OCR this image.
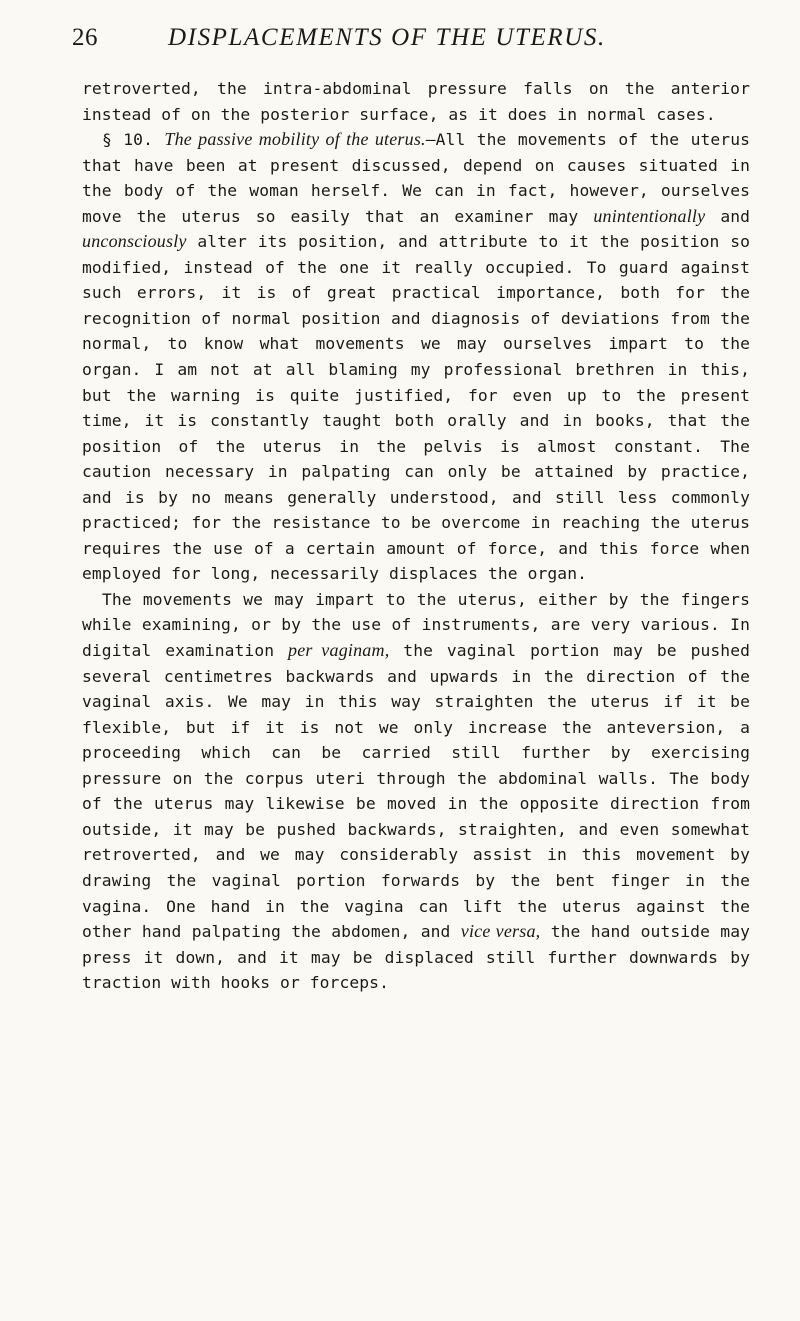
26	DISPLACEMENTS OF THE UTERUS.

retroverted, the intra-abdominal pressure falls on the anterior instead of on the posterior surface, as it does in normal cases.

§ 10. The passive mobility of the uterus.—All the movements of the uterus that have been at present discussed, depend on causes situated in the body of the woman herself. We can in fact, however, ourselves move the uterus so easily that an examiner may unintentionally and unconsciously alter its position, and attribute to it the position so modified, instead of the one it really occupied. To guard against such errors, it is of great practical importance, both for the recognition of normal position and diagnosis of deviations from the normal, to know what movements we may ourselves impart to the organ. I am not at all blaming my professional brethren in this, but the warning is quite justified, for even up to the present time, it is constantly taught both orally and in books, that the position of the uterus in the pelvis is almost constant. The caution necessary in palpating can only be attained by practice, and is by no means generally understood, and still less commonly practiced; for the resistance to be overcome in reaching the uterus requires the use of a certain amount of force, and this force when employed for long, necessarily displaces the organ.

The movements we may impart to the uterus, either by the fingers while examining, or by the use of instruments, are very various. In digital examination per vaginam, the vaginal portion may be pushed several centimetres backwards and upwards in the direction of the vaginal axis. We may in this way straighten the uterus if it be flexible, but if it is not we only increase the anteversion, a proceeding which can be carried still further by exercising pressure on the corpus uteri through the abdominal walls. The body of the uterus may likewise be moved in the opposite direction from outside, it may be pushed backwards, straighten, and even somewhat retroverted, and we may considerably assist in this movement by drawing the vaginal portion forwards by the bent finger in the vagina. One hand in the vagina can lift the uterus against the other hand palpating the abdomen, and vice versa, the hand outside may press it down, and it may be displaced still further downwards by traction with hooks or forceps.
